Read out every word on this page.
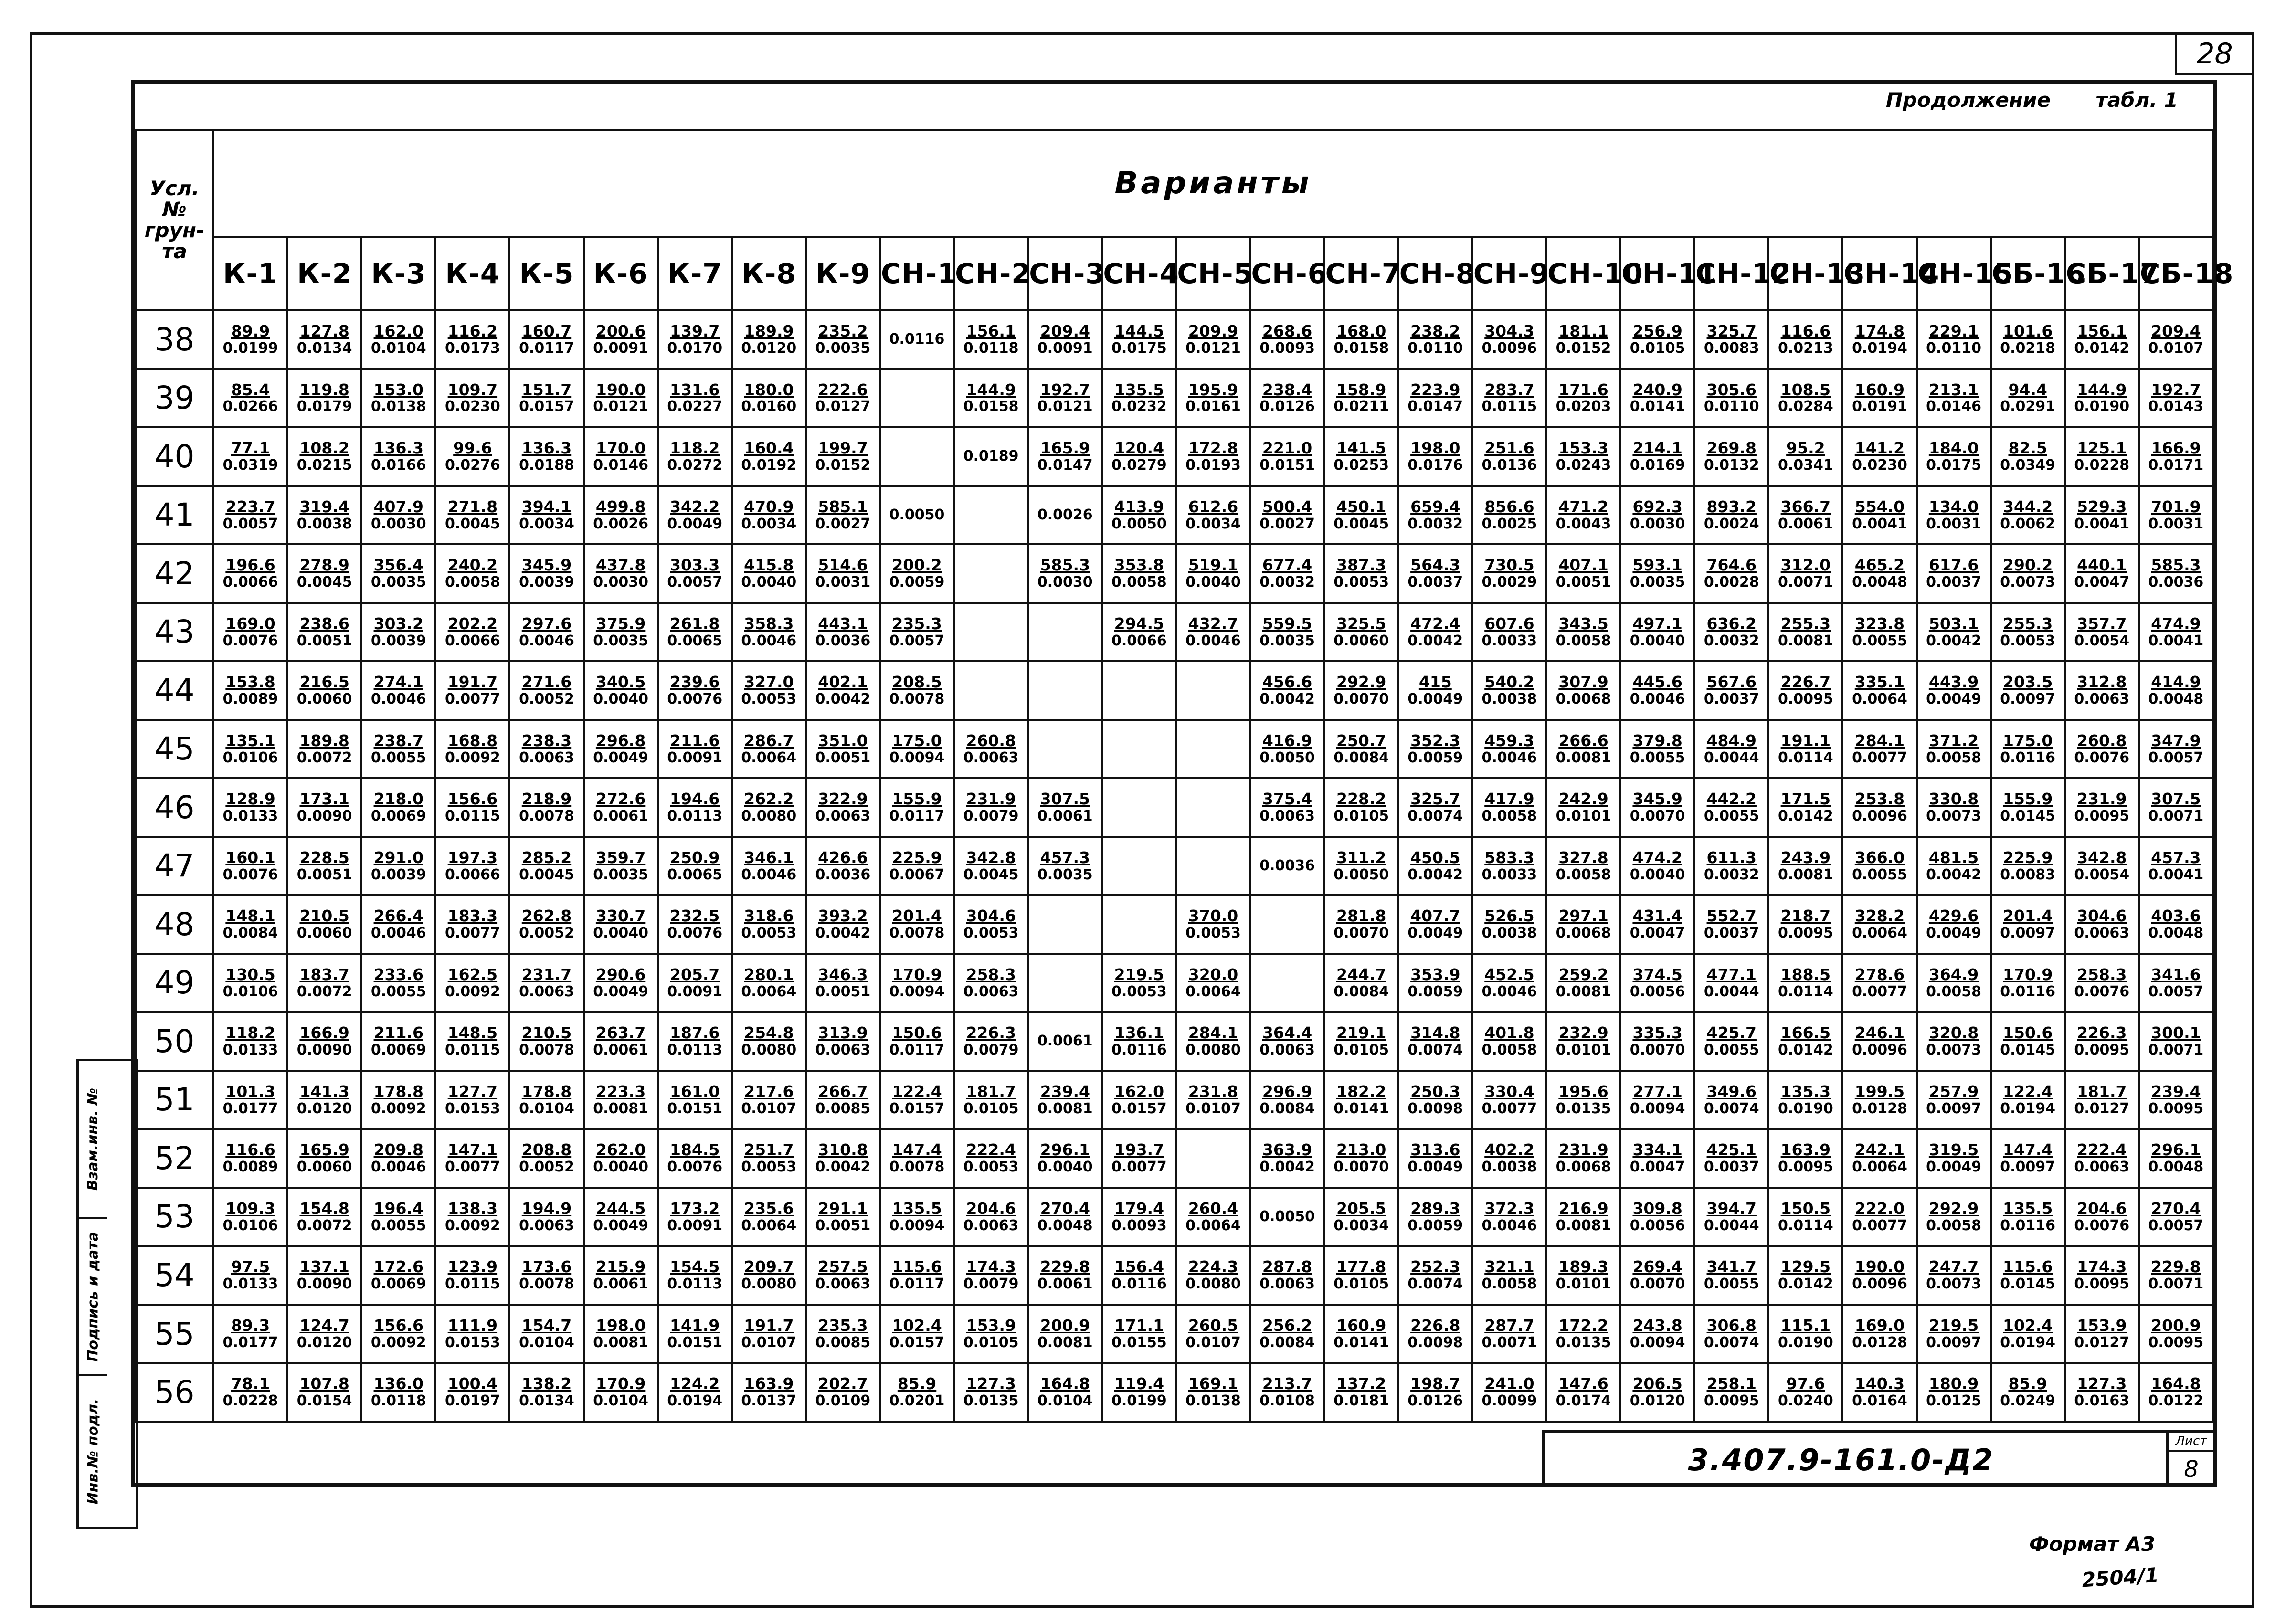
28
Продолжение табл. 1
Усл. № грун-та	Варианты																										
	К-1	К-2	К-3	К-4	К-5	К-6	К-7	К-8	К-9	СН-1	СН-2	СН-3	СН-4	СН-5	СН-6	СН-7	СН-8	СН-9	СН-10	СН-11	СН-12	СН-13	СН-14	СН-15	СБ-16	СБ-17	СБ-18
38	89.9
0.0199	127.8
0.0134	162.0
0.0104	116.2
0.0173	160.7
0.0117	200.6
0.0091	139.7
0.0170	189.9
0.0120	235.2
0.0035	0.0116	156.1
0.0118	209.4
0.0091	144.5
0.0175	209.9
0.0121	268.6
0.0093	168.0
0.0158	238.2
0.0110	304.3
0.0096	181.1
0.0152	256.9
0.0105	325.7
0.0083	116.6
0.0213	174.8
0.0194	229.1
0.0110	101.6
0.0218	156.1
0.0142	209.4
0.0107

39	85.4
0.0266	119.8
0.0179	153.0
0.0138	109.7
0.0230	151.7
0.0157	190.0
0.0121	131.6
0.0227	180.0
0.0160	222.6
0.0127		144.9
0.0158	192.7
0.0121	135.5
0.0232	195.9
0.0161	238.4
0.0126	158.9
0.0211	223.9
0.0147	283.7
0.0115	171.6
0.0203	240.9
0.0141	305.6
0.0110	108.5
0.0284	160.9
0.0191	213.1
0.0146	94.4
0.0291	144.9
0.0190	192.7
0.0143

40	77.1
0.0319	108.2
0.0215	136.3
0.0166	99.6
0.0276	136.3
0.0188	170.0
0.0146	118.2
0.0272	160.4
0.0192	199.7
0.0152		0.0189	165.9
0.0147	120.4
0.0279	172.8
0.0193	221.0
0.0151	141.5
0.0253	198.0
0.0176	251.6
0.0136	153.3
0.0243	214.1
0.0169	269.8
0.0132	95.2
0.0341	141.2
0.0230	184.0
0.0175	82.5
0.0349	125.1
0.0228	166.9
0.0171

41	223.7
0.0057	319.4
0.0038	407.9
0.0030	271.8
0.0045	394.1
0.0034	499.8
0.0026	342.2
0.0049	470.9
0.0034	585.1
0.0027	0.0050		0.0026	413.9
0.0050	612.6
0.0034	500.4
0.0027	450.1
0.0045	659.4
0.0032	856.6
0.0025	471.2
0.0043	692.3
0.0030	893.2
0.0024	366.7
0.0061	554.0
0.0041	134.0
0.0031	344.2
0.0062	529.3
0.0041	701.9
0.0031

42	196.6
0.0066	278.9
0.0045	356.4
0.0035	240.2
0.0058	345.9
0.0039	437.8
0.0030	303.3
0.0057	415.8
0.0040	514.6
0.0031	200.2
0.0059		585.3
0.0030	353.8
0.0058	519.1
0.0040	677.4
0.0032	387.3
0.0053	564.3
0.0037	730.5
0.0029	407.1
0.0051	593.1
0.0035	764.6
0.0028	312.0
0.0071	465.2
0.0048	617.6
0.0037	290.2
0.0073	440.1
0.0047	585.3
0.0036

43	169.0
0.0076	238.6
0.0051	303.2
0.0039	202.2
0.0066	297.6
0.0046	375.9
0.0035	261.8
0.0065	358.3
0.0046	443.1
0.0036	235.3
0.0057			294.5
0.0066	432.7
0.0046	559.5
0.0035	325.5
0.0060	472.4
0.0042	607.6
0.0033	343.5
0.0058	497.1
0.0040	636.2
0.0032	255.3
0.0081	323.8
0.0055	503.1
0.0042	255.3
0.0053	357.7
0.0054	474.9
0.0041

44	153.8
0.0089	216.5
0.0060	274.1
0.0046	191.7
0.0077	271.6
0.0052	340.5
0.0040	239.6
0.0076	327.0
0.0053	402.1
0.0042	208.5
0.0078					456.6
0.0042	292.9
0.0070	415
0.0049	540.2
0.0038	307.9
0.0068	445.6
0.0046	567.6
0.0037	226.7
0.0095	335.1
0.0064	443.9
0.0049	203.5
0.0097	312.8
0.0063	414.9
0.0048

45	135.1
0.0106	189.8
0.0072	238.7
0.0055	168.8
0.0092	238.3
0.0063	296.8
0.0049	211.6
0.0091	286.7
0.0064	351.0
0.0051	175.0
0.0094	260.8
0.0063				416.9
0.0050	250.7
0.0084	352.3
0.0059	459.3
0.0046	266.6
0.0081	379.8
0.0055	484.9
0.0044	191.1
0.0114	284.1
0.0077	371.2
0.0058	175.0
0.0116	260.8
0.0076	347.9
0.0057

46	128.9
0.0133	173.1
0.0090	218.0
0.0069	156.6
0.0115	218.9
0.0078	272.6
0.0061	194.6
0.0113	262.2
0.0080	322.9
0.0063	155.9
0.0117	231.9
0.0079	307.5
0.0061			375.4
0.0063	228.2
0.0105	325.7
0.0074	417.9
0.0058	242.9
0.0101	345.9
0.0070	442.2
0.0055	171.5
0.0142	253.8
0.0096	330.8
0.0073	155.9
0.0145	231.9
0.0095	307.5
0.0071

47	160.1
0.0076	228.5
0.0051	291.0
0.0039	197.3
0.0066	285.2
0.0045	359.7
0.0035	250.9
0.0065	346.1
0.0046	426.6
0.0036	225.9
0.0067	342.8
0.0045	457.3
0.0035			0.0036	311.2
0.0050	450.5
0.0042	583.3
0.0033	327.8
0.0058	474.2
0.0040	611.3
0.0032	243.9
0.0081	366.0
0.0055	481.5
0.0042	225.9
0.0083	342.8
0.0054	457.3
0.0041

48	148.1
0.0084	210.5
0.0060	266.4
0.0046	183.3
0.0077	262.8
0.0052	330.7
0.0040	232.5
0.0076	318.6
0.0053	393.2
0.0042	201.4
0.0078	304.6
0.0053			370.0
0.0053		281.8
0.0070	407.7
0.0049	526.5
0.0038	297.1
0.0068	431.4
0.0047	552.7
0.0037	218.7
0.0095	328.2
0.0064	429.6
0.0049	201.4
0.0097	304.6
0.0063	403.6
0.0048

49	130.5
0.0106	183.7
0.0072	233.6
0.0055	162.5
0.0092	231.7
0.0063	290.6
0.0049	205.7
0.0091	280.1
0.0064	346.3
0.0051	170.9
0.0094	258.3
0.0063		219.5
0.0053	320.0
0.0064		244.7
0.0084	353.9
0.0059	452.5
0.0046	259.2
0.0081	374.5
0.0056	477.1
0.0044	188.5
0.0114	278.6
0.0077	364.9
0.0058	170.9
0.0116	258.3
0.0076	341.6
0.0057

50	118.2
0.0133	166.9
0.0090	211.6
0.0069	148.5
0.0115	210.5
0.0078	263.7
0.0061	187.6
0.0113	254.8
0.0080	313.9
0.0063	150.6
0.0117	226.3
0.0079	0.0061	136.1
0.0116	284.1
0.0080	364.4
0.0063	219.1
0.0105	314.8
0.0074	401.8
0.0058	232.9
0.0101	335.3
0.0070	425.7
0.0055	166.5
0.0142	246.1
0.0096	320.8
0.0073	150.6
0.0145	226.3
0.0095	300.1
0.0071

51	101.3
0.0177	141.3
0.0120	178.8
0.0092	127.7
0.0153	178.8
0.0104	223.3
0.0081	161.0
0.0151	217.6
0.0107	266.7
0.0085	122.4
0.0157	181.7
0.0105	239.4
0.0081	162.0
0.0157	231.8
0.0107	296.9
0.0084	182.2
0.0141	250.3
0.0098	330.4
0.0077	195.6
0.0135	277.1
0.0094	349.6
0.0074	135.3
0.0190	199.5
0.0128	257.9
0.0097	122.4
0.0194	181.7
0.0127	239.4
0.0095

52	116.6
0.0089	165.9
0.0060	209.8
0.0046	147.1
0.0077	208.8
0.0052	262.0
0.0040	184.5
0.0076	251.7
0.0053	310.8
0.0042	147.4
0.0078	222.4
0.0053	296.1
0.0040	193.7
0.0077		363.9
0.0042	213.0
0.0070	313.6
0.0049	402.2
0.0038	231.9
0.0068	334.1
0.0047	425.1
0.0037	163.9
0.0095	242.1
0.0064	319.5
0.0049	147.4
0.0097	222.4
0.0063	296.1
0.0048

53	109.3
0.0106	154.8
0.0072	196.4
0.0055	138.3
0.0092	194.9
0.0063	244.5
0.0049	173.2
0.0091	235.6
0.0064	291.1
0.0051	135.5
0.0094	204.6
0.0063	270.4
0.0048	179.4
0.0093	260.4
0.0064	0.0050	205.5
0.0034	289.3
0.0059	372.3
0.0046	216.9
0.0081	309.8
0.0056	394.7
0.0044	150.5
0.0114	222.0
0.0077	292.9
0.0058	135.5
0.0116	204.6
0.0076	270.4
0.0057

54	97.5
0.0133	137.1
0.0090	172.6
0.0069	123.9
0.0115	173.6
0.0078	215.9
0.0061	154.5
0.0113	209.7
0.0080	257.5
0.0063	115.6
0.0117	174.3
0.0079	229.8
0.0061	156.4
0.0116	224.3
0.0080	287.8
0.0063	177.8
0.0105	252.3
0.0074	321.1
0.0058	189.3
0.0101	269.4
0.0070	341.7
0.0055	129.5
0.0142	190.0
0.0096	247.7
0.0073	115.6
0.0145	174.3
0.0095	229.8
0.0071

55	89.3
0.0177	124.7
0.0120	156.6
0.0092	111.9
0.0153	154.7
0.0104	198.0
0.0081	141.9
0.0151	191.7
0.0107	235.3
0.0085	102.4
0.0157	153.9
0.0105	200.9
0.0081	171.1
0.0155	260.5
0.0107	256.2
0.0084	160.9
0.0141	226.8
0.0098	287.7
0.0071	172.2
0.0135	243.8
0.0094	306.8
0.0074	115.1
0.0190	169.0
0.0128	219.5
0.0097	102.4
0.0194	153.9
0.0127	200.9
0.0095

56	78.1
0.0228	107.8
0.0154	136.0
0.0118	100.4
0.0197	138.2
0.0134	170.9
0.0104	124.2
0.0194	163.9
0.0137	202.7
0.0109	85.9
0.0201	127.3
0.0135	164.8
0.0104	119.4
0.0199	169.1
0.0138	213.7
0.0108	137.2
0.0181	198.7
0.0126	241.0
0.0099	147.6
0.0174	206.5
0.0120	258.1
0.0095	97.6
0.0240	140.3
0.0164	180.9
0.0125	85.9
0.0249	127.3
0.0163	164.8
0.0122
Взам.инв. №
Подпись и дата
Инв.№ подл.	3.407.9-161.0-Д2
Лист
8
Формат А3
2504/1
